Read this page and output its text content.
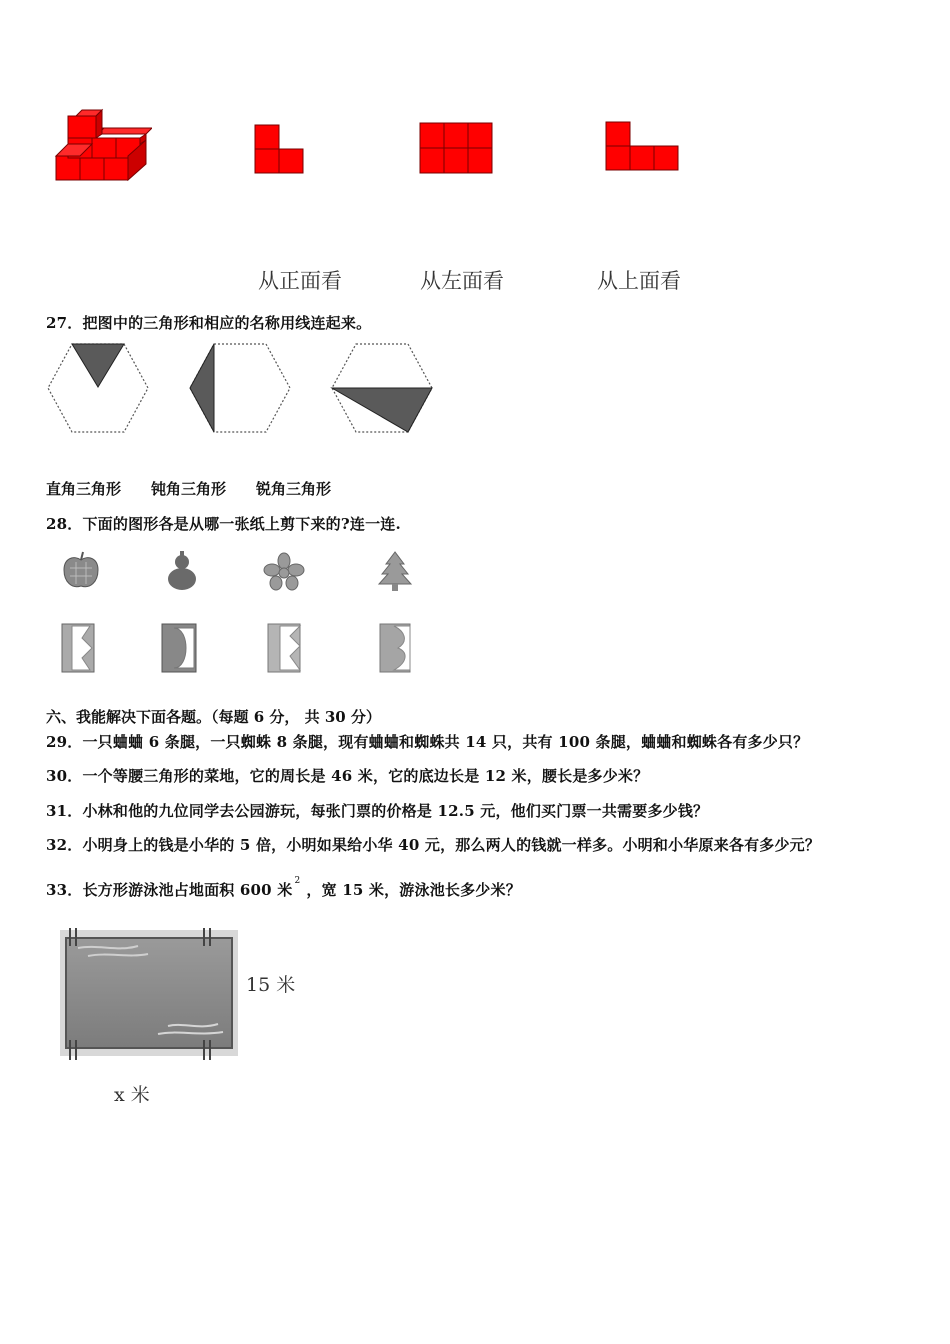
从正面看	从左面看	从上面看
27．把图中的三角形和相应的名称用线连起来。
直角三角形 钝角三角形 锐角三角形
28．下面的图形各是从哪一张纸上剪下来的?连一连.
六、我能解决下面各题。（每题 6 分， 共 30 分）
29．一只蛐蛐 6 条腿，一只蜘蛛 8 条腿，现有蛐蛐和蜘蛛共 14 只，共有 100 条腿，蛐蛐和蜘蛛各有多少只？
30．一个等腰三角形的菜地，它的周长是 46 米，它的底边长是 12 米，腰长是多少米？
31．小林和他的九位同学去公园游玩，每张门票的价格是 12.5 元，他们买门票一共需要多少钱？
32．小明身上的钱是小华的 5 倍，小明如果给小华 40 元，那么两人的钱就一样多。小明和小华原来各有多少元？
33．长方形游泳池占地面积 600 米 $^2$ ，宽 15 米，游泳池长多少米？
15 米
x 米
